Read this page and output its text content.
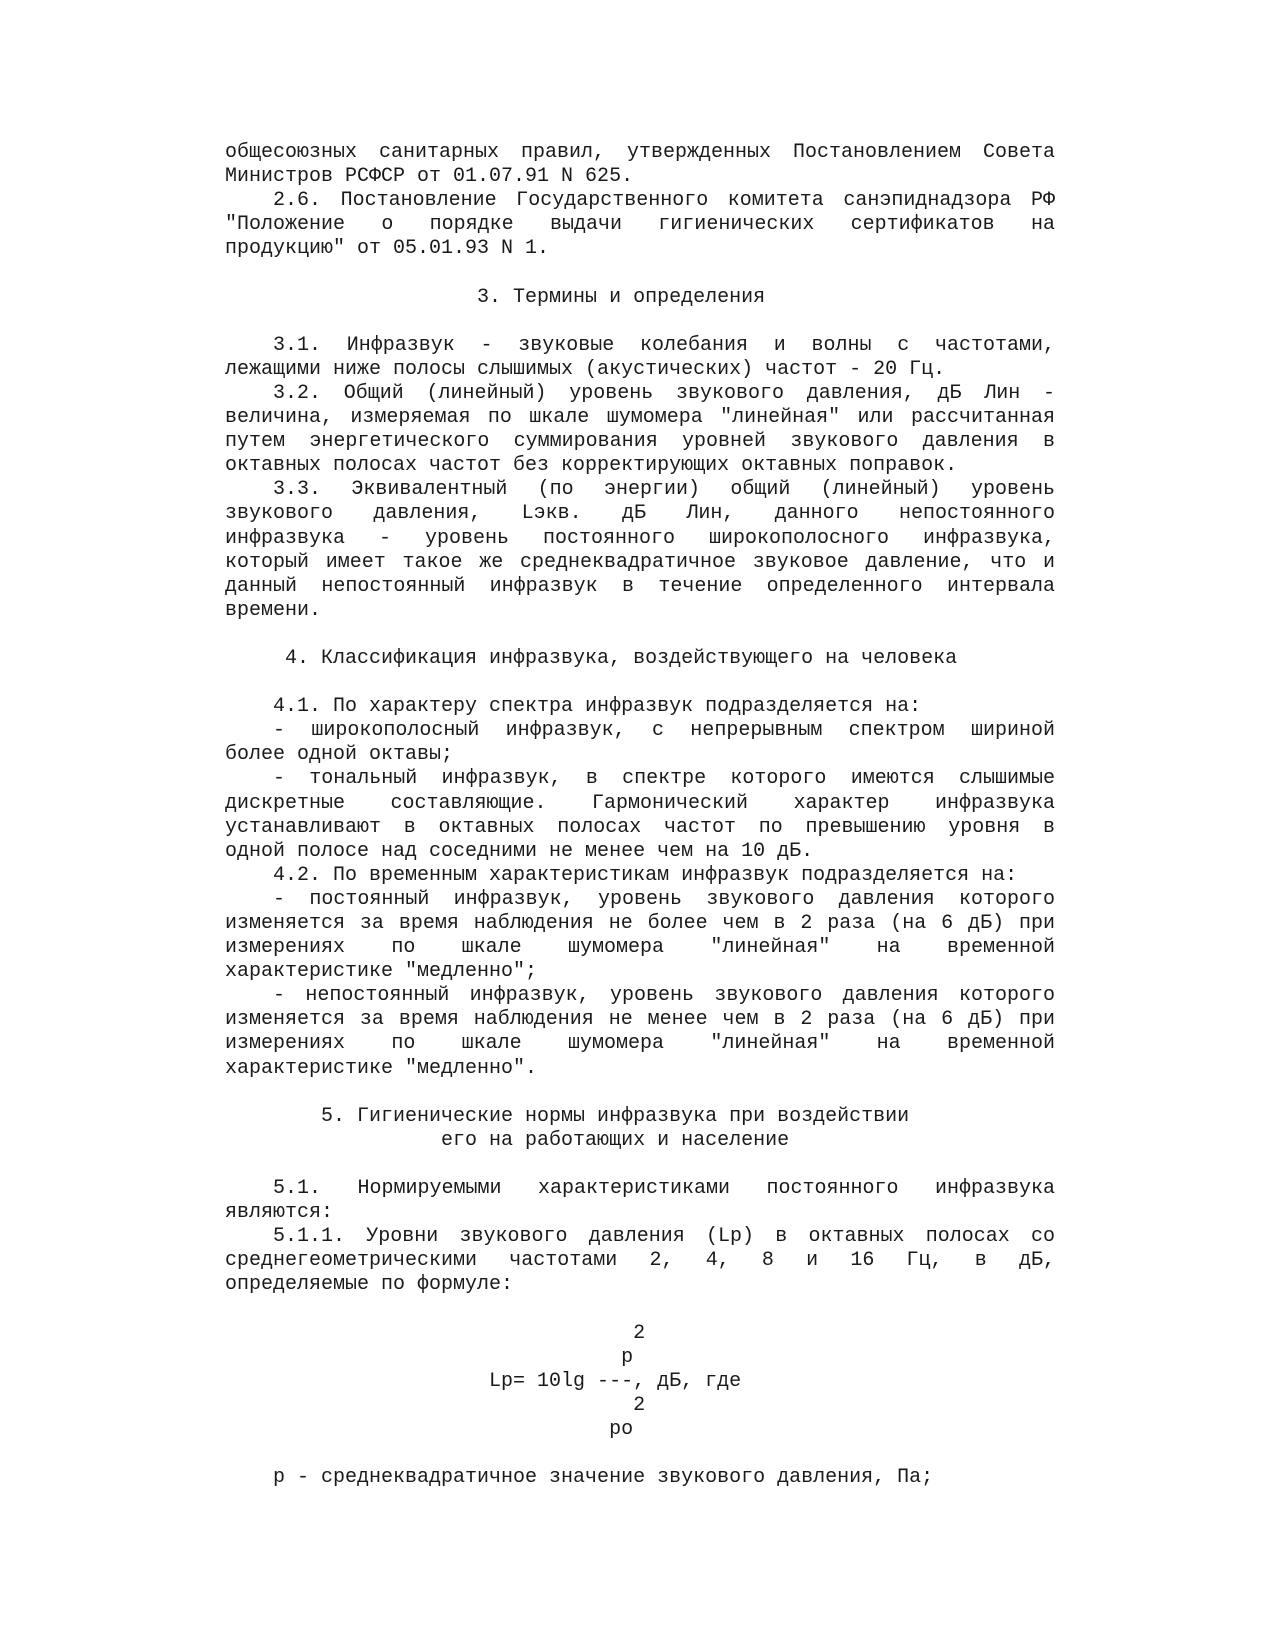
общесоюзных санитарных правил, утвержденных Постановлением Совета
Министров РСФСР от 01.07.91 N 625.
2.6. Постановление Государственного комитета санэпиднадзора РФ
"Положение о порядке выдачи гигиенических сертификатов на
продукцию" от 05.01.93 N 1.
3. Термины и определения
3.1. Инфразвук - звуковые колебания и волны с частотами,
лежащими ниже полосы слышимых (акустических) частот - 20 Гц.
3.2. Общий (линейный) уровень звукового давления, дБ Лин -
величина, измеряемая по шкале шумомера "линейная" или рассчитанная
путем энергетического суммирования уровней звукового давления в
октавных полосах частот без корректирующих октавных поправок.
3.3. Эквивалентный (по энергии) общий (линейный) уровень
звукового давления, Lэкв. дБ Лин, данного непостоянного
инфразвука - уровень постоянного широкополосного инфразвука,
который имеет такое же среднеквадратичное звуковое давление, что и
данный непостоянный инфразвук в течение определенного интервала
времени.
4. Классификация инфразвука, воздействующего на человека
4.1. По характеру спектра инфразвук подразделяется на:
- широкополосный инфразвук, с непрерывным спектром шириной
более одной октавы;
- тональный инфразвук, в спектре которого имеются слышимые
дискретные составляющие. Гармонический характер инфразвука
устанавливают в октавных полосах частот по превышению уровня в
одной полосе над соседними не менее чем на 10 дБ.
4.2. По временным характеристикам инфразвук подразделяется на:
- постоянный инфразвук, уровень звукового давления которого
изменяется за время наблюдения не более чем в 2 раза (на 6 дБ) при
измерениях по шкале шумомера "линейная" на временной
характеристике "медленно";
- непостоянный инфразвук, уровень звукового давления которого
изменяется за время наблюдения не менее чем в 2 раза (на 6 дБ) при
измерениях по шкале шумомера "линейная" на временной
характеристике "медленно".
5. Гигиенические нормы инфразвука при воздействии
его на работающих и население
5.1. Нормируемыми характеристиками постоянного инфразвука
являются:
5.1.1. Уровни звукового давления (Lp) в октавных полосах со
среднегеометрическими частотами 2, 4, 8 и 16 Гц, в дБ,
определяемые по формуле:
2
p
Lp= 10lg ---, дБ, где
2
po
p - среднеквадратичное значение звукового давления, Па;
